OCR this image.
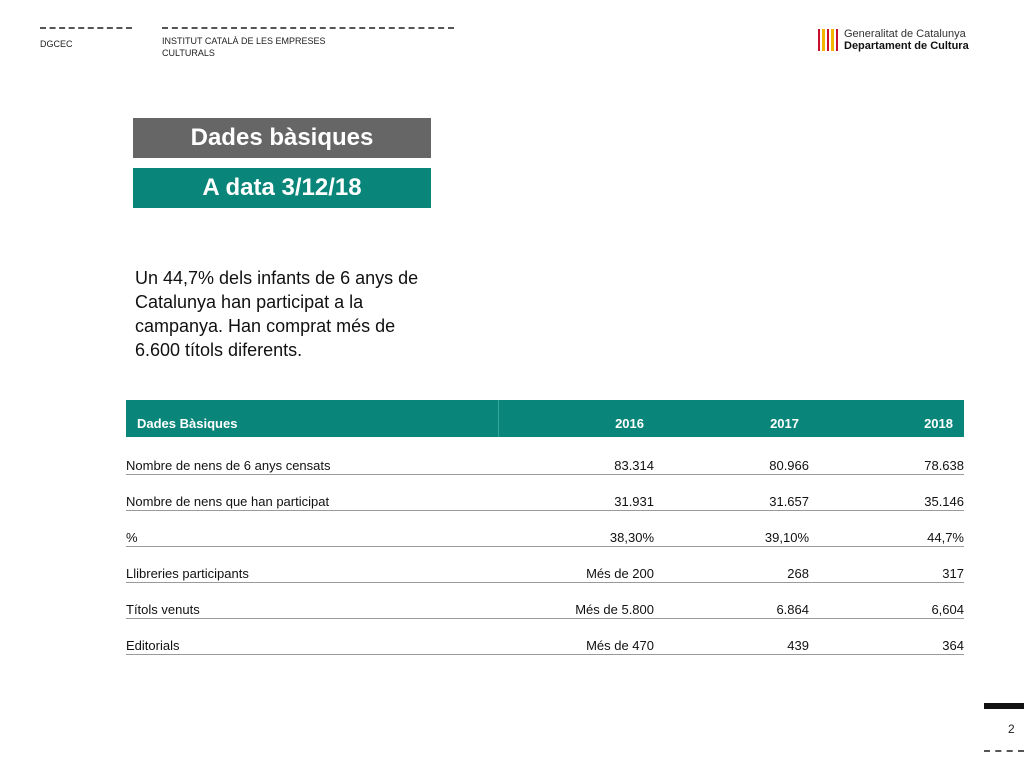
DGCEC	INSTITUT CATALÀ DE LES EMPRESES
CULTURALS
Generalitat de Catalunya
Departament de Cultura
Dades bàsiques
A data 3/12/18
Un 44,7% dels infants de 6 anys de Catalunya han participat a la campanya. Han comprat més de 6.600 títols diferents.
Dades Bàsiques	2016	2017	2018
Nombre de nens de 6 anys censats	83.314	80.966	78.638
Nombre de nens que han participat	31.931	31.657	35.146
%	38,30%	39,10%	44,7%
Llibreries participants	Més de 200	268	317
Títols venuts	Més de 5.800	6.864	6,604
Editorials	Més de 470	439	364
2
